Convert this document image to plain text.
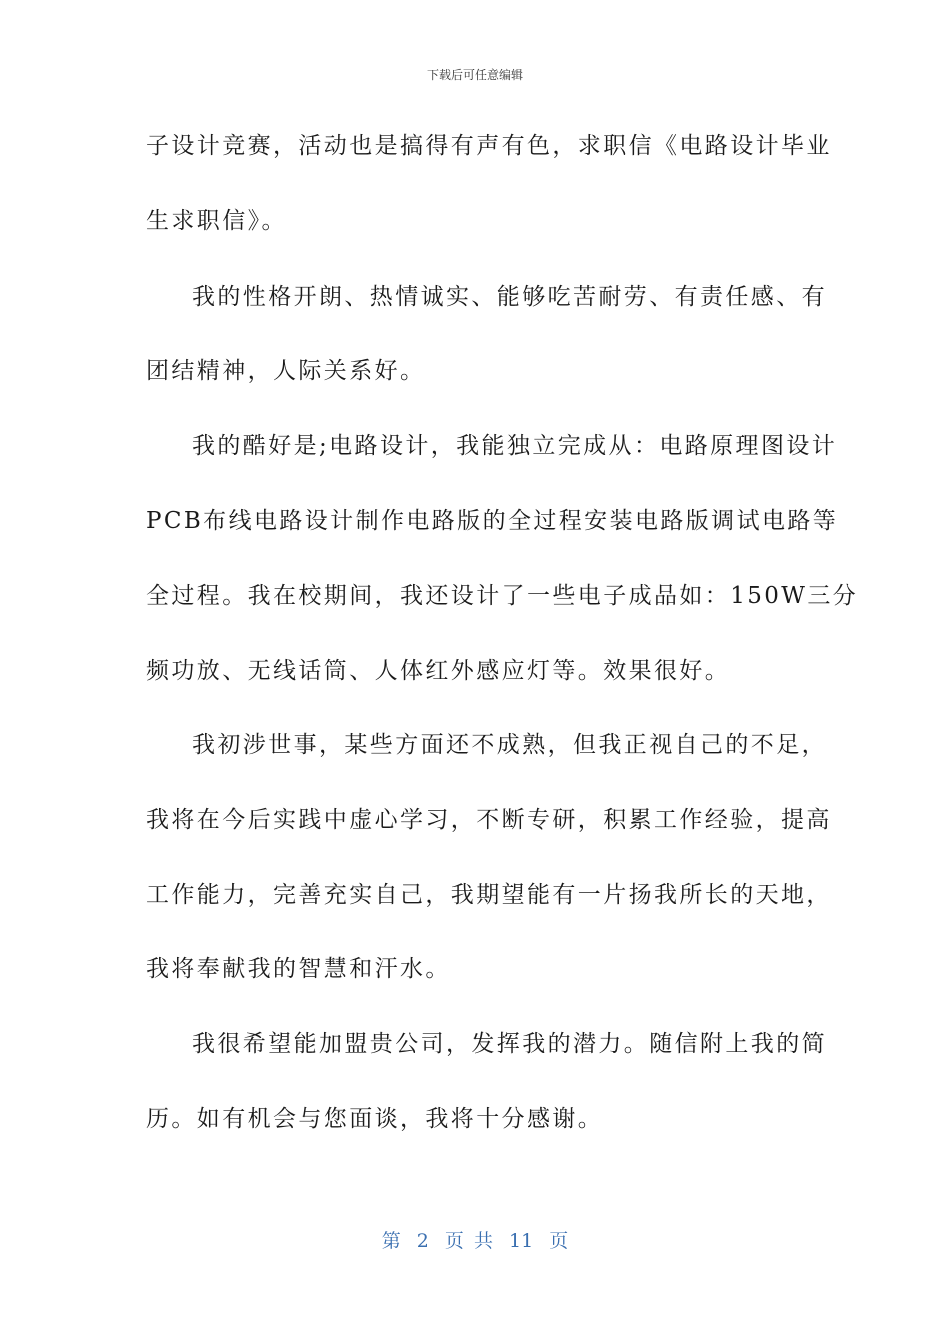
下载后可任意编辑
子设计竞赛，活动也是搞得有声有色，求职信《电路设计毕业
生求职信》。
我的性格开朗、热情诚实、能够吃苦耐劳、有责任感、有
团结精神，人际关系好。
我的酷好是;电路设计，我能独立完成从：电路原理图设计
PCB布线电路设计制作电路版的全过程安装电路版调试电路等
全过程。我在校期间，我还设计了一些电子成品如：150W三分
频功放、无线话筒、人体红外感应灯等。效果很好。
我初涉世事，某些方面还不成熟，但我正视自己的不足，
我将在今后实践中虚心学习，不断专研，积累工作经验，提高
工作能力，完善充实自己，我期望能有一片扬我所长的天地，
我将奉献我的智慧和汗水。
我很希望能加盟贵公司，发挥我的潜力。随信附上我的简
历。如有机会与您面谈，我将十分感谢。
第 2 页 共 11 页
